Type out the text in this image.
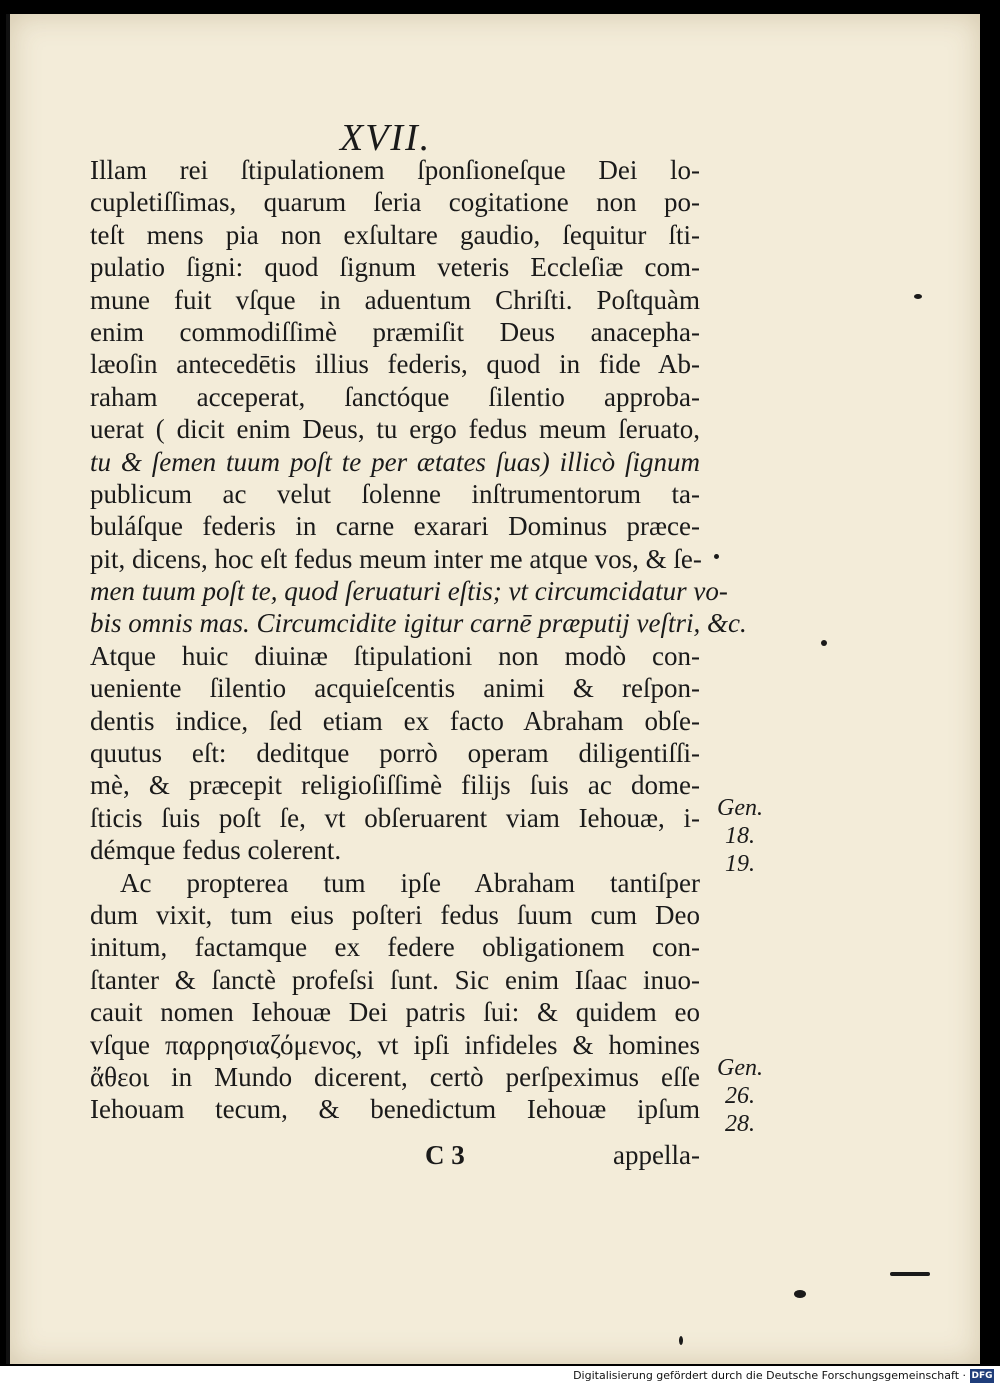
XVII.
Illam rei ſtipulationem ſponſioneſque Dei lo-
cupletiſſimas, quarum ſeria cogitatione non po-
teſt mens pia non exſultare gaudio, ſequitur ſti-
pulatio ſigni: quod ſignum veteris Eccleſiæ com-
mune fuit vſque in aduentum Chriſti. Poſtquàm
enim commodiſſimè præmiſit Deus anacepha-
læoſin antecedētis illius federis, quod in fide Ab-
raham acceperat, ſanctóque ſilentio approba-
uerat ( dicit enim Deus, tu ergo fedus meum ſeruato,
tu & ſemen tuum poſt te per ætates ſuas) illicò ſignum
publicum ac velut ſolenne inſtrumentorum ta-
buláſque federis in carne exarari Dominus præce-
pit, dicens, hoc eſt fedus meum inter me atque vos, & ſe-
men tuum poſt te, quod ſeruaturi eſtis; vt circumcidatur vo-
bis omnis mas. Circumcidite igitur carnē præputij veſtri, &c.
Atque huic diuinæ ſtipulationi non modò con-
ueniente ſilentio acquieſcentis animi & reſpon-
dentis indice, ſed etiam ex facto Abraham obſe-
quutus eſt: deditque porrò operam diligentiſſi-
mè, & præcepit religioſiſſimè filijs ſuis ac dome-
ſticis ſuis poſt ſe, vt obſeruarent viam Iehouæ, i-
démque fedus colerent.
Ac propterea tum ipſe Abraham tantiſper
dum vixit, tum eius poſteri fedus ſuum cum Deo
initum, factamque ex federe obligationem con-
ſtanter & ſanctè profeſsi ſunt. Sic enim Iſaac inuo-
cauit nomen Iehouæ Dei patris ſui: & quidem eo
vſque παρρησιαζόμενος, vt ipſi infideles & homines
ἄθεοι in Mundo dicerent, certò perſpeximus eſſe
Iehouam tecum, & benedictum Iehouæ ipſum
C 3	appella-
Gen. 18.
19.
Gen. 26.
28.
Digitalisierung gefördert durch die Deutsche Forschungsgemeinschaft · DFG
